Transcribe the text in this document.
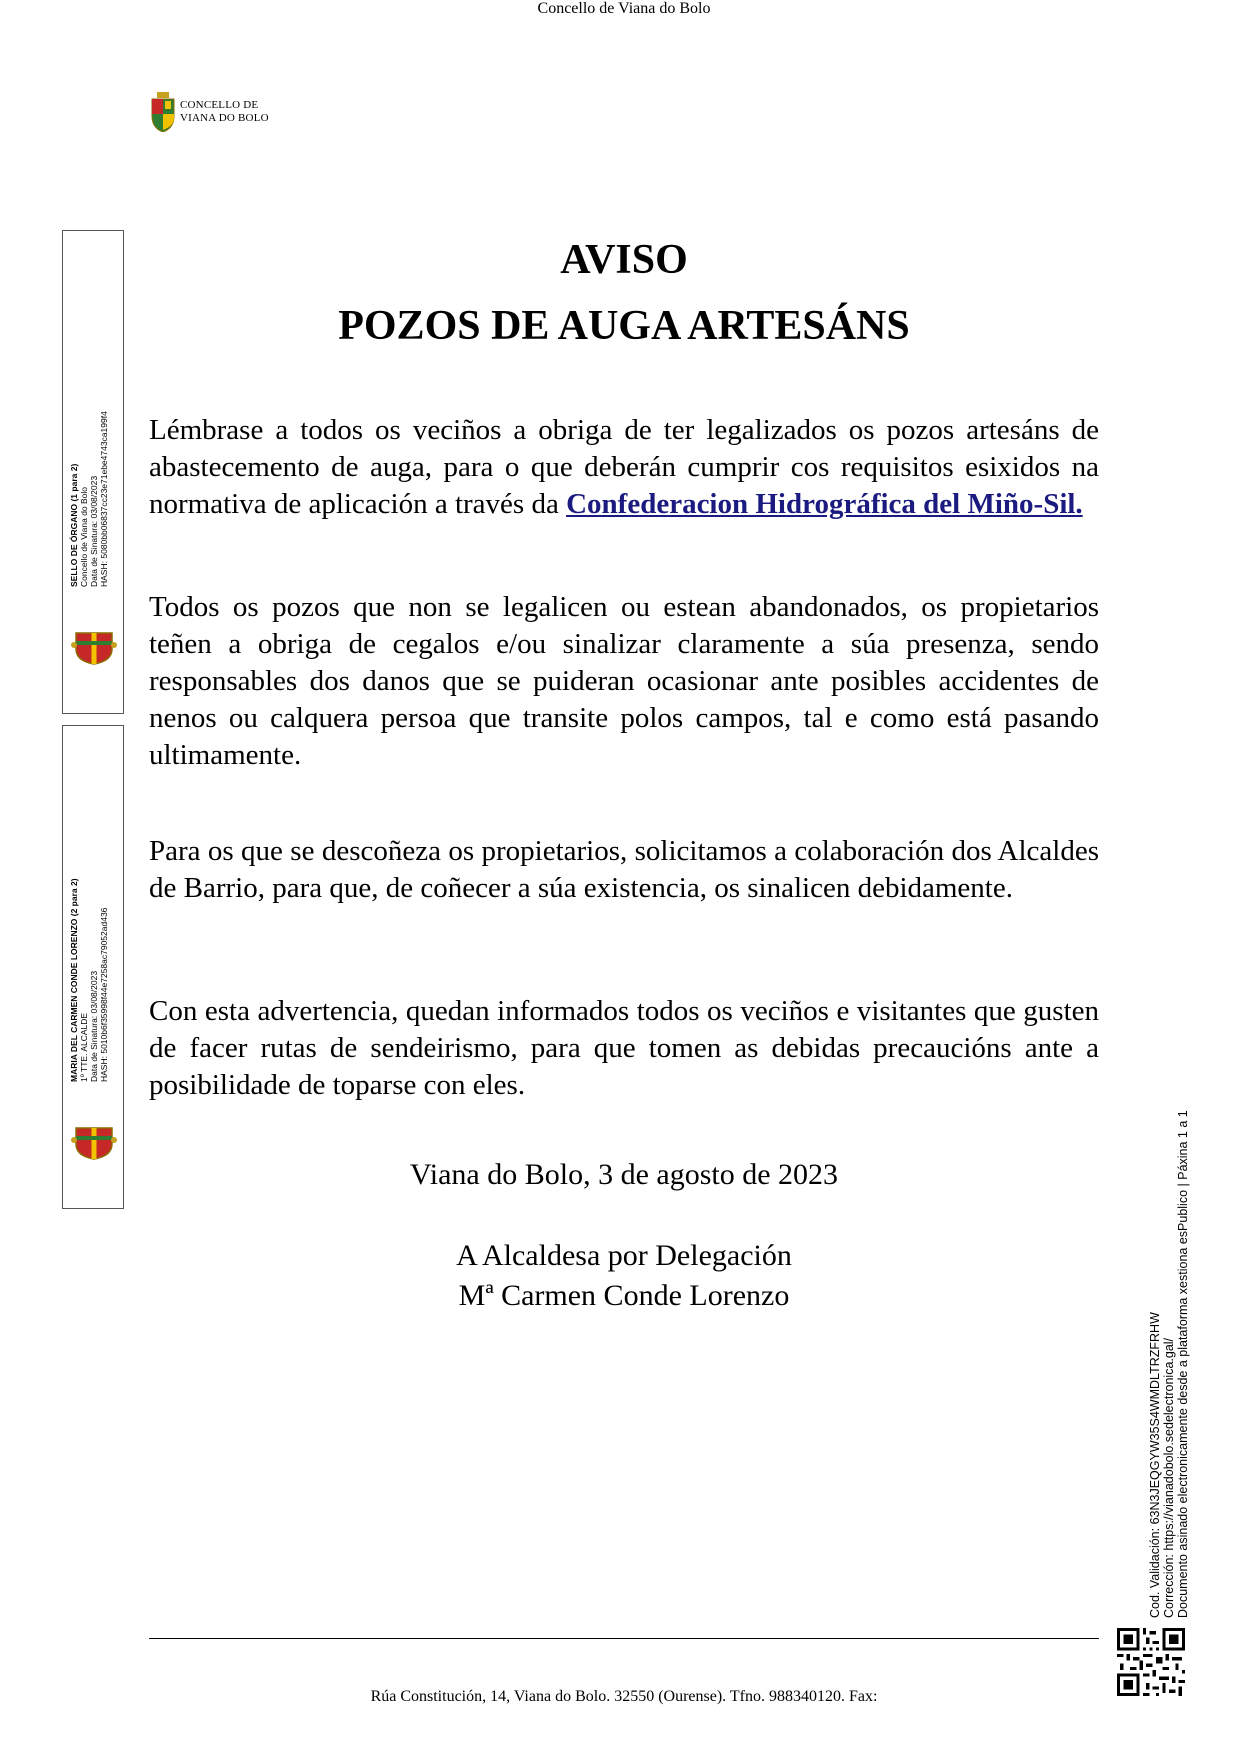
CONCELLO DE
VIANA DO BOLO
SELLO DE ÓRGANO (1 para 2) Concello de Viana do Bolo Data de Sinatura: 03/08/2023 HASH: 5080bb06837cc23e71ebe4743ca199f4
MARIA DEL CARMEN CONDE LORENZO (2 para 2) 1º TTE. ALCALDE Data de Sinatura: 03/08/2023 HASH: 5010b6f35998f44e7258ac79052ad436
AVISO
POZOS DE AUGA ARTESÁNS
Lémbrase a todos os veciños a obriga de ter legalizados os pozos artesáns de abastecemento de auga, para o que deberán cumprir cos requisitos esixidos na normativa de aplicación a través da Confederacion Hidrográfica del Miño-Sil.
Todos os pozos que non se legalicen ou estean abandonados, os propietarios teñen a obriga de cegalos e/ou sinalizar claramente a súa presenza, sendo responsables dos danos que se puideran ocasionar ante posibles accidentes de nenos ou calquera persoa que transite polos campos, tal e como está pasando ultimamente.
Para os que se descoñeza os propietarios, solicitamos a colaboración dos Alcaldes de Barrio, para que, de coñecer a súa existencia, os sinalicen debidamente.
Con esta advertencia, quedan informados todos os veciños e visitantes que gusten de facer rutas de sendeirismo, para que tomen as debidas precaucións ante a posibilidade de toparse con eles.
Viana do Bolo, 3 de agosto de 2023
A Alcaldesa por Delegación
Mª Carmen Conde Lorenzo
Cod. Validación: 63N3JEQGYW35S4WMDLTRZFRHW Corrección: https://vianadobolo.sedelectronica.gal/ Documento asinado electronicamente desde a plataforma xestiona esPublico | Páxina 1 a 1
Concello de Viana do Bolo
Rúa Constitución, 14, Viana do Bolo. 32550 (Ourense). Tfno. 988340120. Fax:
